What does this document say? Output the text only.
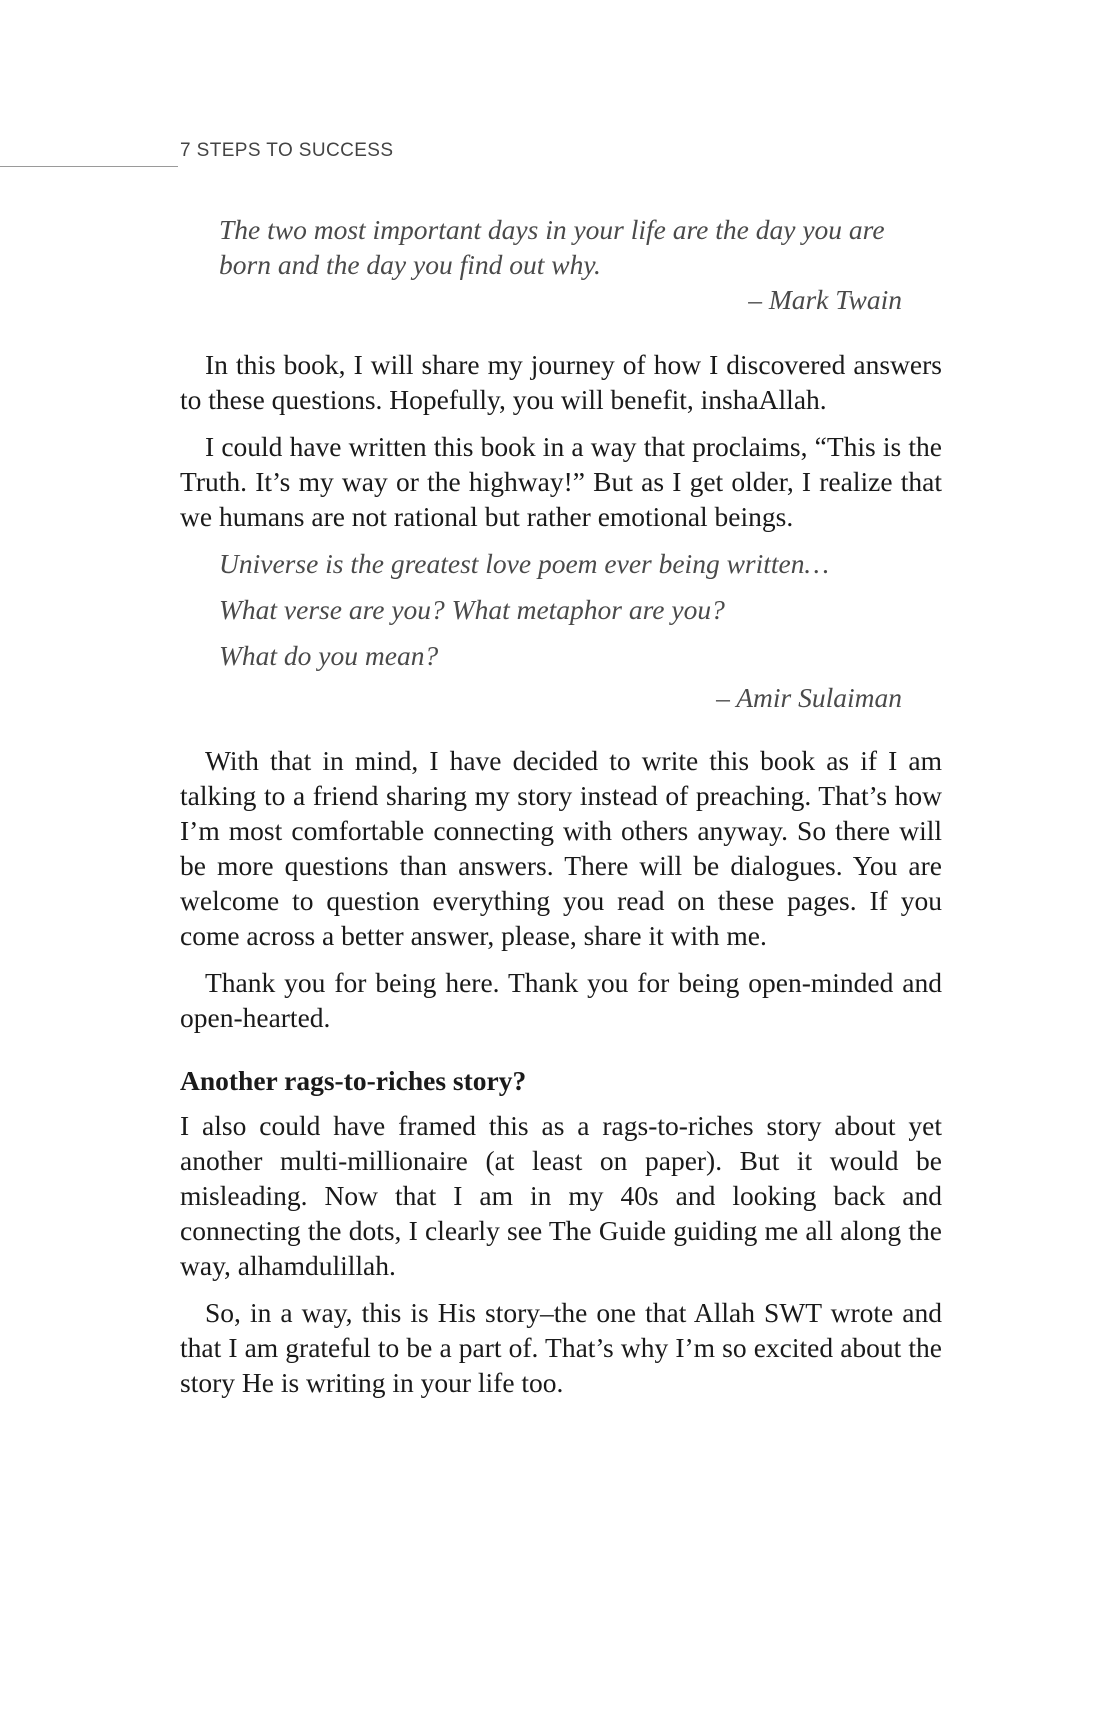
7 STEPS TO SUCCESS
The two most important days in your life are the day you are born and the day you find out why.
– Mark Twain

In this book, I will share my journey of how I discovered answers to these questions. Hopefully, you will benefit, inshaAllah.

I could have written this book in a way that proclaims, “This is the Truth. It’s my way or the highway!” But as I get older, I realize that we humans are not rational but rather emotional beings.

Universe is the greatest love poem ever being written…
What verse are you? What metaphor are you?
What do you mean?
– Amir Sulaiman

With that in mind, I have decided to write this book as if I am talking to a friend sharing my story instead of preaching. That’s how I’m most comfortable connecting with others anyway. So there will be more questions than answers. There will be dialogues. You are welcome to question everything you read on these pages. If you come across a better answer, please, share it with me.

Thank you for being here. Thank you for being open-minded and open-hearted.

Another rags-to-riches story?

I also could have framed this as a rags-to-riches story about yet another multi-millionaire (at least on paper). But it would be misleading. Now that I am in my 40s and looking back and connecting the dots, I clearly see The Guide guiding me all along the way, alhamdulillah.

So, in a way, this is His story–the one that Allah SWT wrote and that I am grateful to be a part of. That’s why I’m so excited about the story He is writing in your life too.
